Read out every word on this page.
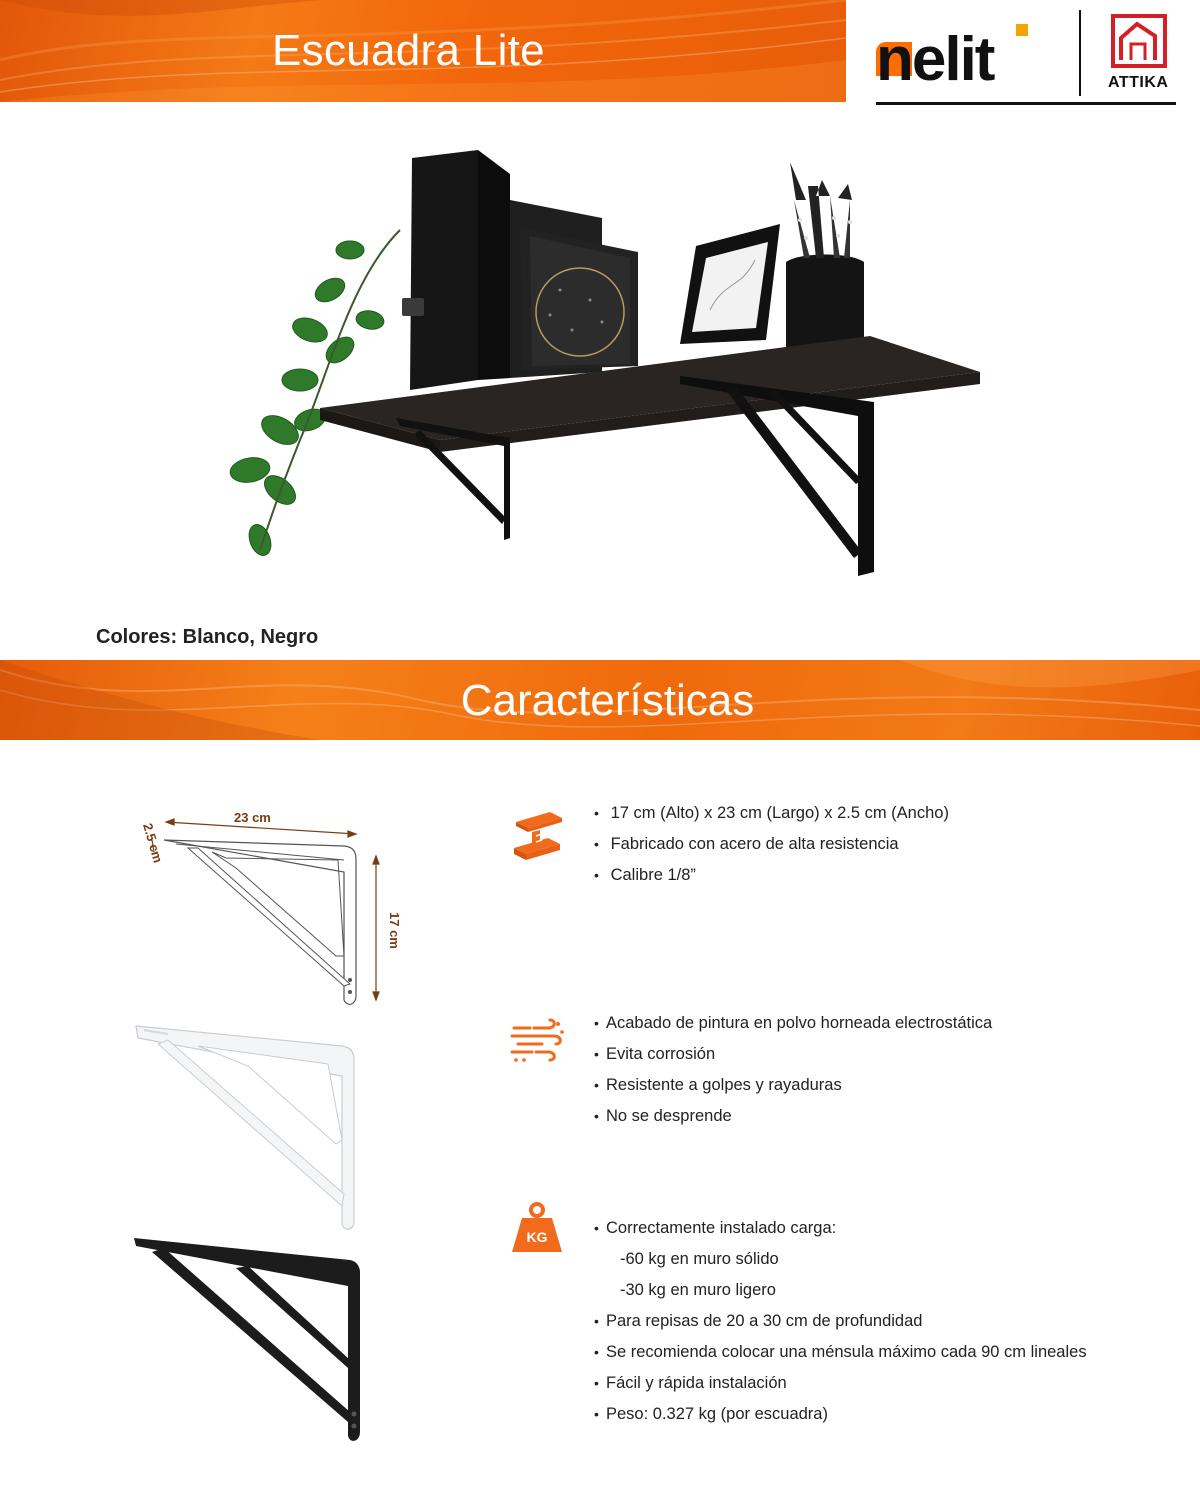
Escuadra Lite	nelit	ATTIKA
Colores: Blanco, Negro
Características
23 cm
2.5 cm
17 cm
KG
• 17 cm (Alto) x 23 cm (Largo) x 2.5 cm (Ancho)
• Fabricado con acero de alta resistencia
• Calibre 1/8”
• Acabado de pintura en polvo horneada electrostática
• Evita corrosión
• Resistente a golpes y rayaduras
• No se desprende
• Correctamente instalado carga:
-60 kg en muro sólido
-30 kg en muro ligero
• Para repisas de 20 a 30 cm de profundidad
• Se recomienda colocar una ménsula máximo cada 90 cm lineales
• Fácil y rápida instalación
• Peso: 0.327 kg (por escuadra)
